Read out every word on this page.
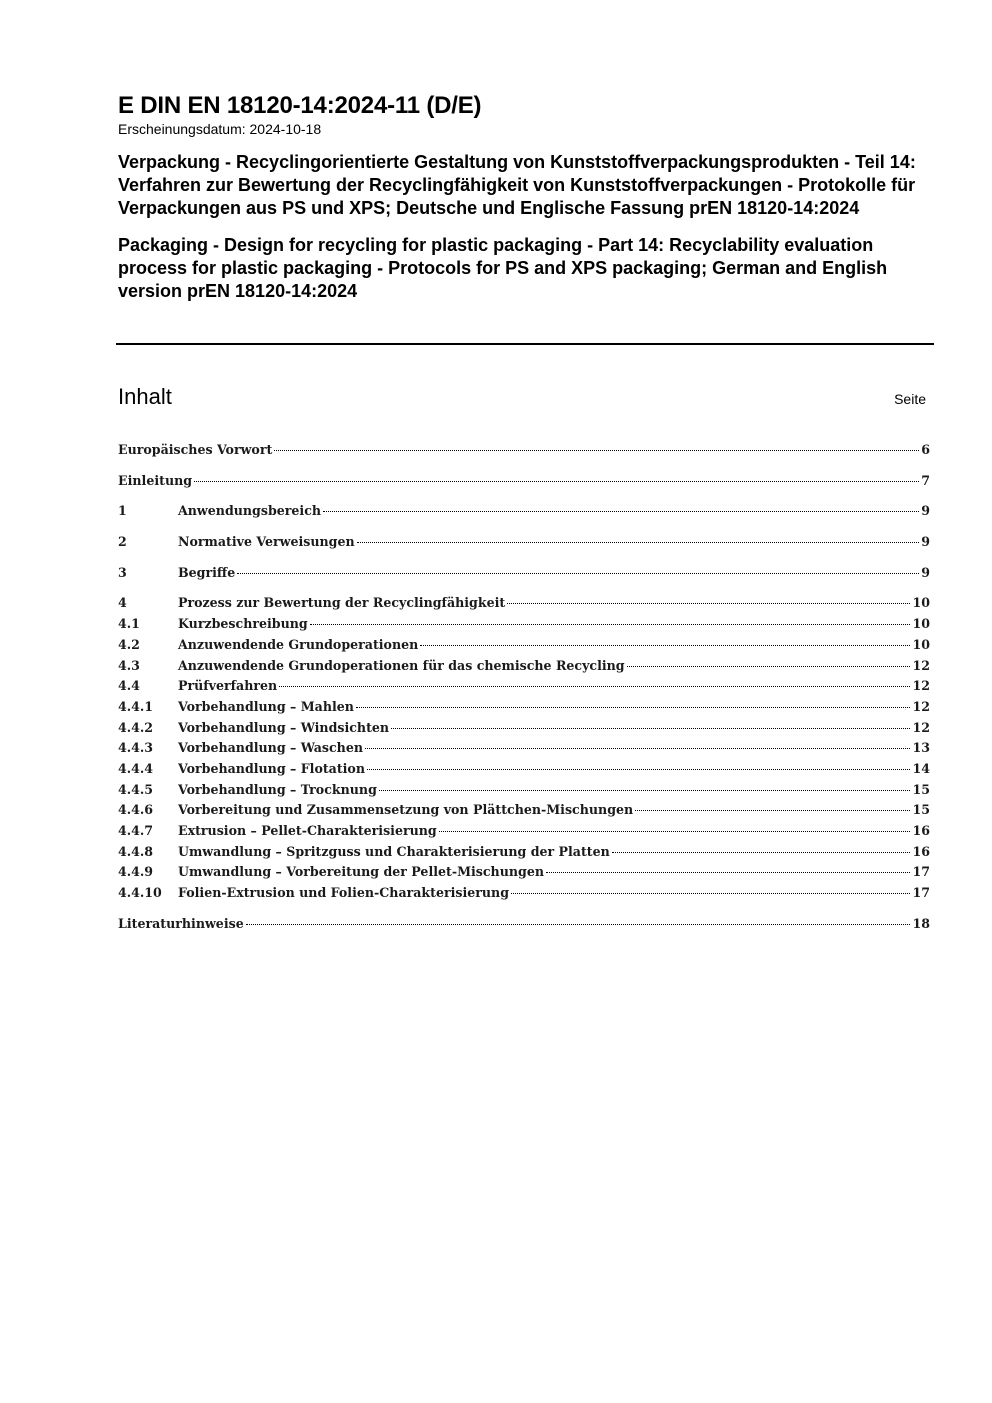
E DIN EN 18120-14:2024-11 (D/E)
Erscheinungsdatum: 2024-10-18
Verpackung - Recyclingorientierte Gestaltung von Kunststoffverpackungsprodukten - Teil 14: Verfahren zur Bewertung der Recyclingfähigkeit von Kunststoffverpackungen - Protokolle für Verpackungen aus PS und XPS; Deutsche und Englische Fassung prEN 18120-14:2024
Packaging - Design for recycling for plastic packaging - Part 14: Recyclability evaluation process for plastic packaging - Protocols for PS and XPS packaging; German and English version prEN 18120-14:2024
Inhalt	Seite
Europäisches Vorwort	6
Einleitung	7
1	Anwendungsbereich	9
2	Normative Verweisungen	9
3	Begriffe	9
4	Prozess zur Bewertung der Recyclingfähigkeit	10
4.1	Kurzbeschreibung	10
4.2	Anzuwendende Grundoperationen	10
4.3	Anzuwendende Grundoperationen für das chemische Recycling	12
4.4	Prüfverfahren	12
4.4.1	Vorbehandlung – Mahlen	12
4.4.2	Vorbehandlung – Windsichten	12
4.4.3	Vorbehandlung – Waschen	13
4.4.4	Vorbehandlung – Flotation	14
4.4.5	Vorbehandlung – Trocknung	15
4.4.6	Vorbereitung und Zusammensetzung von Plättchen-Mischungen	15
4.4.7	Extrusion – Pellet-Charakterisierung	16
4.4.8	Umwandlung – Spritzguss und Charakterisierung der Platten	16
4.4.9	Umwandlung – Vorbereitung der Pellet-Mischungen	17
4.4.10	Folien-Extrusion und Folien-Charakterisierung	17
Literaturhinweise	18
